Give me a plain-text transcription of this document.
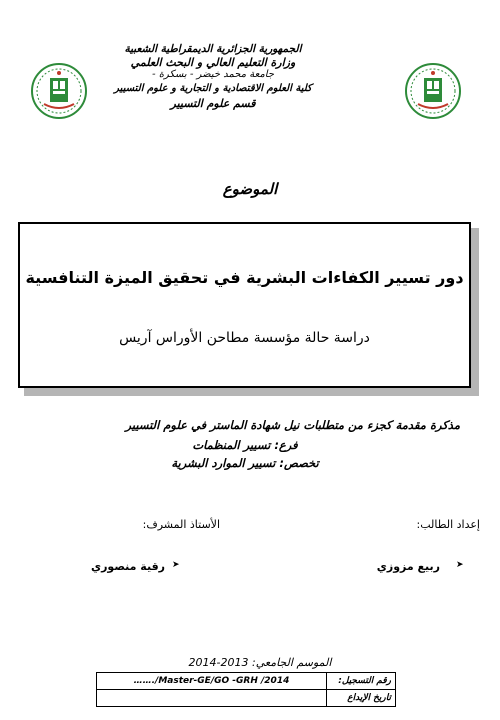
الجمهورية الجزائرية الديمقراطية الشعبية
وزارة التعليم العالي و البحث العلمي
جامعة محمد خيضر - بسكرة -
كلية العلوم الاقتصادية و التجارية و علوم التسيير
قسم علوم التسيير
الموضوع
دور تسيير الكفاءات البشرية في تحقيق الميزة التنافسية
دراسة حالة مؤسسة مطاحن الأوراس آريس
مذكرة مقدمة كجزء من متطلبات نيل شهادة الماستر في علوم التسيير
فرع: تسيير المنظمات
تخصص: تسيير الموارد البشرية
إعداد الطالب:
الأستاذ المشرف:
➤
ربيع مزوزي
➤
رقية منصوري
الموسم الجامعي: 2013-2014
رقم التسجيل:	……./Master-GE/GO -GRH /2014
تاريخ الإيداع	
